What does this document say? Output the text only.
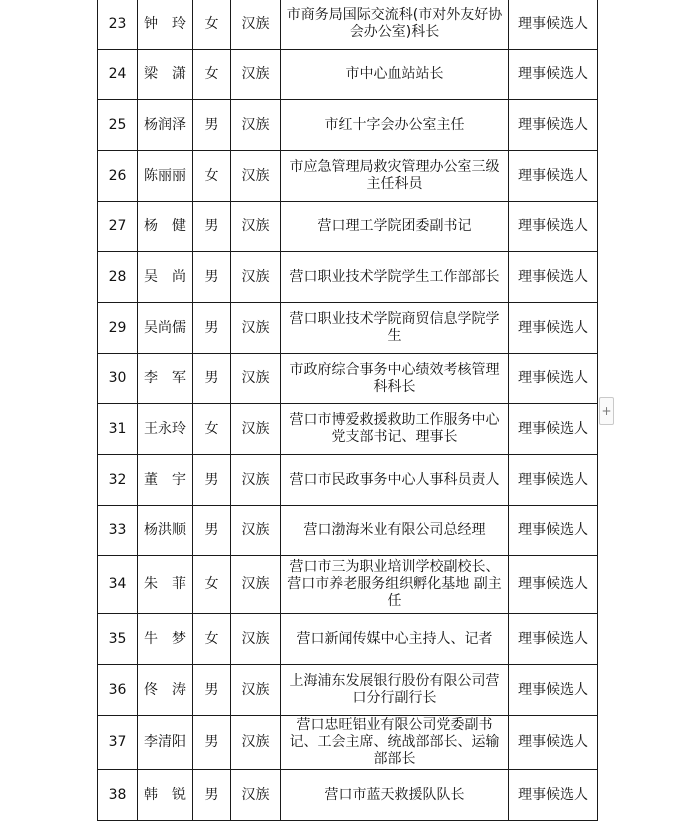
23	钟　玲	女	汉族	市商务局国际交流科(市对外友好协会办公室)科长	理事候选人
24	梁　潇	女	汉族	市中心血站站长	理事候选人
25	杨润泽	男	汉族	市红十字会办公室主任	理事候选人
26	陈丽丽	女	汉族	市应急管理局救灾管理办公室三级主任科员	理事候选人
27	杨　健	男	汉族	营口理工学院团委副书记	理事候选人
28	吴　尚	男	汉族	营口职业技术学院学生工作部部长	理事候选人
29	吴尚儒	男	汉族	营口职业技术学院商贸信息学院学生	理事候选人
30	李　军	男	汉族	市政府综合事务中心绩效考核管理科科长	理事候选人
31	王永玲	女	汉族	营口市博爱救援救助工作服务中心党支部书记、理事长	理事候选人
32	董　宇	男	汉族	营口市民政事务中心人事科员责人	理事候选人
33	杨洪顺	男	汉族	营口渤海米业有限公司总经理	理事候选人
34	朱　菲	女	汉族	营口市三为职业培训学校副校长、营口市养老服务组织孵化基地 副主任	理事候选人
35	牛　梦	女	汉族	营口新闻传媒中心主持人、记者	理事候选人
36	佟　涛	男	汉族	上海浦东发展银行股份有限公司营口分行副行长	理事候选人
37	李清阳	男	汉族	营口忠旺铝业有限公司党委副书记、工会主席、统战部部长、运输部部长	理事候选人
38	韩　锐	男	汉族	营口市蓝天救援队队长	理事候选人
+
